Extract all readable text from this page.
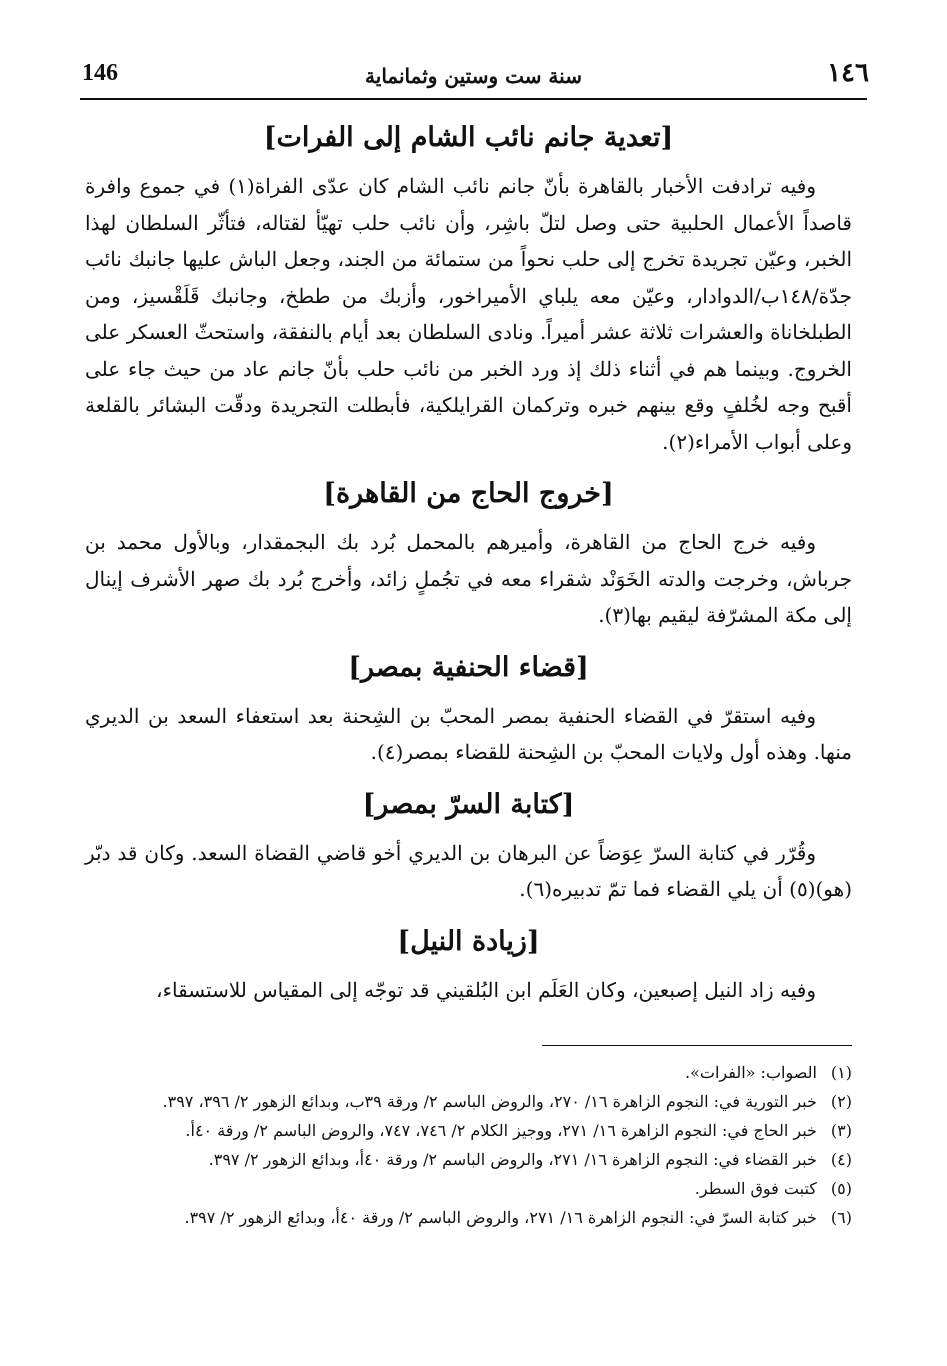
146	سنة ست وستين وثمانماية	١٤٦
[تعدية جانم نائب الشام إلى الفرات]

وفيه ترادفت الأخبار بالقاهرة بأنّ جانم نائب الشام كان عدّى الفراة(١) في جموع وافرة قاصداً الأعمال الحلبية حتى وصل لتلّ باشِر، وأن نائب حلب تهيّأ لقتاله، فتأثّر السلطان لهذا الخبر، وعيّن تجريدة تخرج إلى حلب نحواً من ستمائة من الجند، وجعل الباش عليها جانبك نائب جدّة/١٤٨ب/الدوادار، وعيّن معه يلباي الأميراخور، وأزبك من ططخ، وجانبك قَلَقْسيز، ومن الطبلخاناة والعشرات ثلاثة عشر أميراً. ونادى السلطان بعد أيام بالنفقة، واستحثّ العسكر على الخروج. وبينما هم في أثناء ذلك إذ ورد الخبر من نائب حلب بأنّ جانم عاد من حيث جاء على أقبح وجه لخُلفٍ وقع بينهم خبره وتركمان القرايلكية، فأبطلت التجريدة ودقّت البشائر بالقلعة وعلى أبواب الأمراء(٢).

[خروج الحاج من القاهرة]

وفيه خرج الحاج من القاهرة، وأميرهم بالمحمل بُرد بك البجمقدار، وبالأول محمد بن جرباش، وخرجت والدته الخَوَنْد شقراء معه في تجُملٍ زائد، وأخرج بُرد بك صهر الأشرف إينال إلى مكة المشرّفة ليقيم بها(٣).

[قضاء الحنفية بمصر]

وفيه استقرّ في القضاء الحنفية بمصر المحبّ بن الشِحنة بعد استعفاء السعد بن الديري منها. وهذه أول ولايات المحبّ بن الشِحنة للقضاء بمصر(٤).

[كتابة السرّ بمصر]

وقُرّر في كتابة السرّ عِوَضاً عن البرهان بن الديري أخو قاضي القضاة السعد. وكان قد دبّر (هو)(٥) أن يلي القضاء فما تمّ تدبيره(٦).

[زيادة النيل]

وفيه زاد النيل إصبعين، وكان العَلَم ابن البُلقيني قد توجّه إلى المقياس للاستسقاء،

(١)
الصواب: «الفرات».
(٢)
خبر التورية في: النجوم الزاهرة ١٦/ ٢٧٠، والروض الباسم ٢/ ورقة ٣٩ب، وبدائع الزهور ٢/ ٣٩٦، ٣٩٧.
(٣)
خبر الحاج في: النجوم الزاهرة ١٦/ ٢٧١، ووجيز الكلام ٢/ ٧٤٦، ٧٤٧، والروض الباسم ٢/ ورقة ٤٠أ.
(٤)
خبر القضاء في: النجوم الزاهرة ١٦/ ٢٧١، والروض الباسم ٢/ ورقة ٤٠أ، وبدائع الزهور ٢/ ٣٩٧.
(٥)
كتبت فوق السطر.
(٦)
خبر كتابة السرّ في: النجوم الزاهرة ١٦/ ٢٧١، والروض الباسم ٢/ ورقة ٤٠أ، وبدائع الزهور ٢/ ٣٩٧.
